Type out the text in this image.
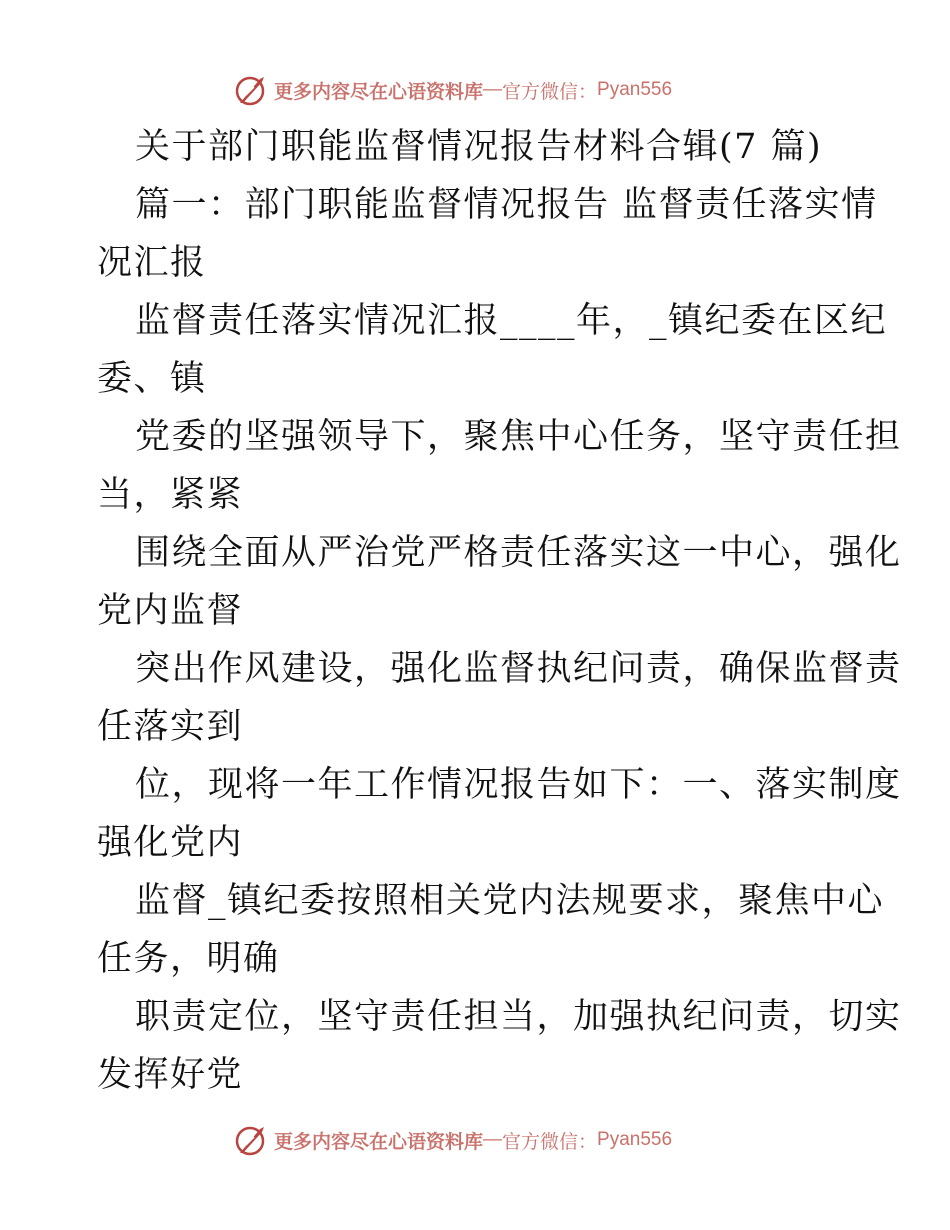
更多内容尽在心语资料库 — 官方微信： Pyan556
关于部门职能监督情况报告材料合辑(7 篇)
篇一：部门职能监督情况报告 监督责任落实情
况汇报
监督责任落实情况汇报____年，_镇纪委在区纪
委、镇
党委的坚强领导下，聚焦中心任务，坚守责任担
当，紧紧
围绕全面从严治党严格责任落实这一中心，强化
党内监督
突出作风建设，强化监督执纪问责，确保监督责
任落实到
位，现将一年工作情况报告如下：一、落实制度
强化党内
监督_镇纪委按照相关党内法规要求，聚焦中心
任务，明确
职责定位，坚守责任担当，加强执纪问责，切实
发挥好党
更多内容尽在心语资料库 — 官方微信： Pyan556
